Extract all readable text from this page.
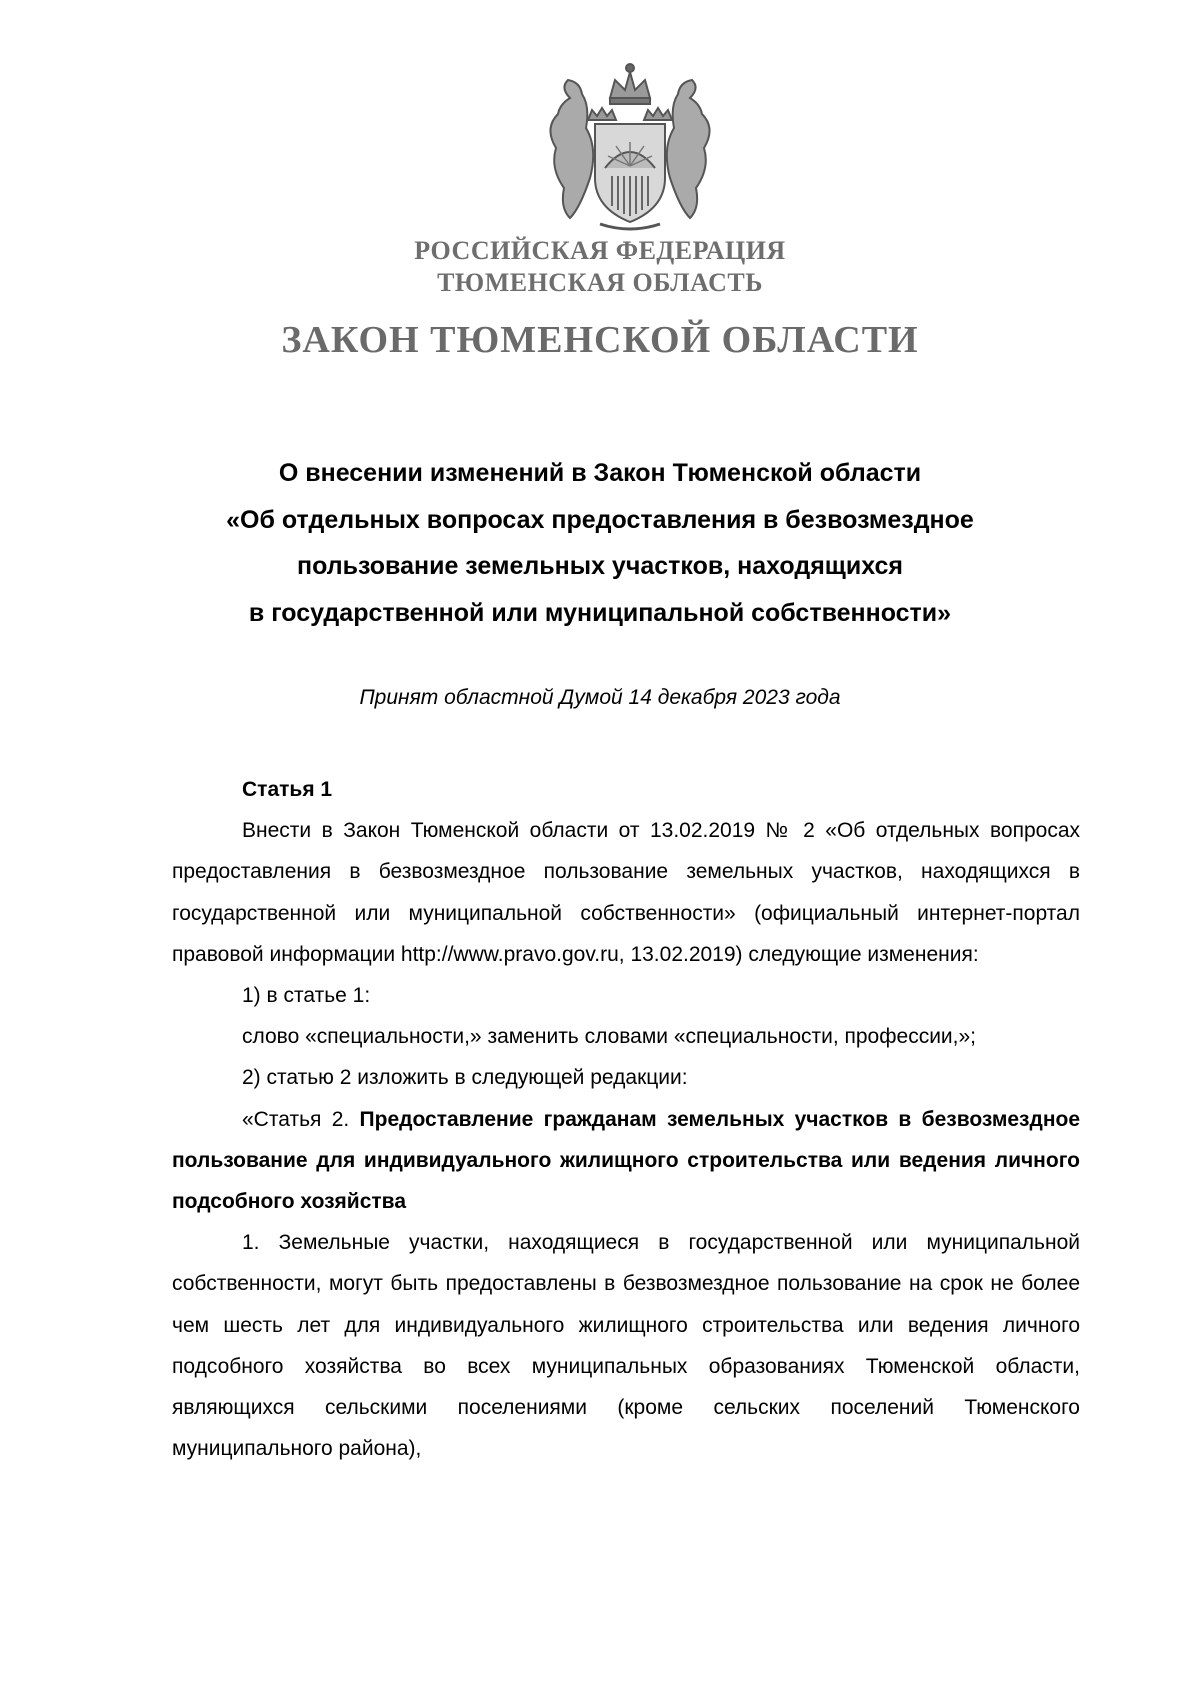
РОССИЙСКАЯ ФЕДЕРАЦИЯ
ТЮМЕНСКАЯ ОБЛАСТЬ
ЗАКОН ТЮМЕНСКОЙ ОБЛАСТИ
О внесении изменений в Закон Тюменской области
«Об отдельных вопросах предоставления в безвозмездное
пользование земельных участков, находящихся
в государственной или муниципальной собственности»
Принят областной Думой 14 декабря 2023 года

Статья 1

Внести в Закон Тюменской области от 13.02.2019 № 2 «Об отдельных вопросах предоставления в безвозмездное пользование земельных участков, находящихся в государственной или муниципальной собственности» (официальный интернет-портал правовой информации http://www.pravo.gov.ru, 13.02.2019) следующие изменения:

1) в статье 1:

слово «специальности,» заменить словами «специальности, профессии,»;

2) статью 2 изложить в следующей редакции:

«Статья 2. Предоставление гражданам земельных участков в безвозмездное пользование для индивидуального жилищного строительства или ведения личного подсобного хозяйства

1. Земельные участки, находящиеся в государственной или муниципальной собственности, могут быть предоставлены в безвозмездное пользование на срок не более чем шесть лет для индивидуального жилищного строительства или ведения личного подсобного хозяйства во всех муниципальных образованиях Тюменской области, являющихся сельскими поселениями (кроме сельских поселений Тюменского муниципального района),
